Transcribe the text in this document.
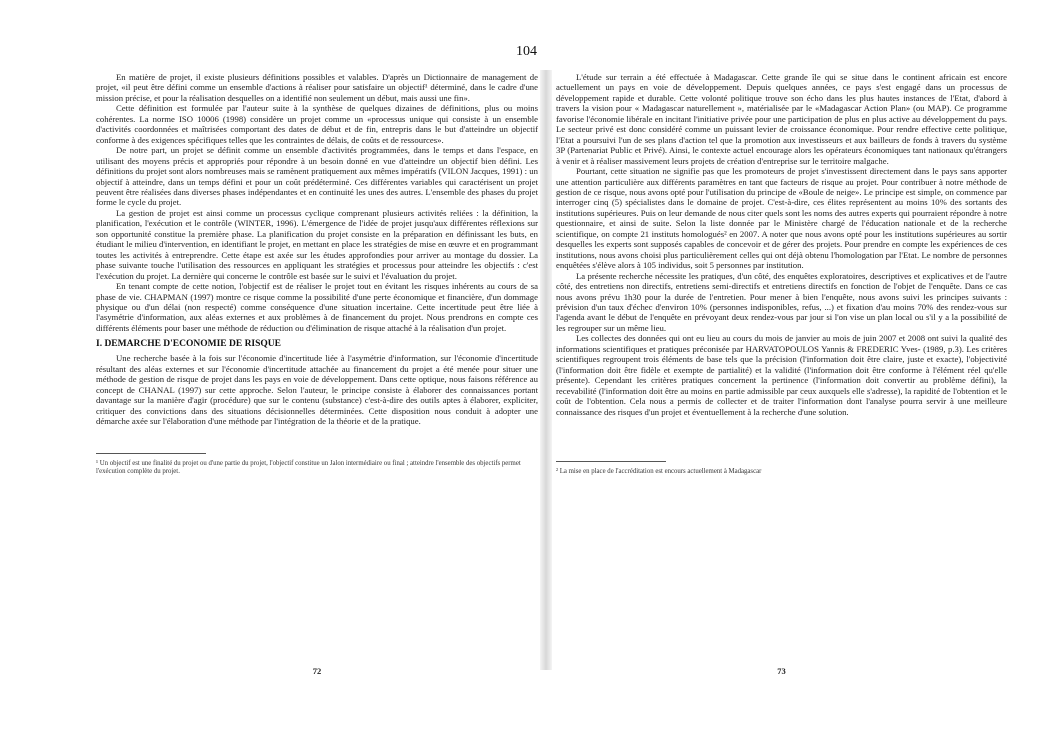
104

En matière de projet, il existe plusieurs définitions possibles et valables. D'après un Dictionnaire de management de projet, «il peut être défini comme un ensemble d'actions à réaliser pour satisfaire un objectif¹ déterminé, dans le cadre d'une mission précise, et pour la réalisation desquelles on a identifié non seulement un début, mais aussi une fin».

Cette définition est formulée par l'auteur suite à la synthèse de quelques dizaines de définitions, plus ou moins cohérentes. La norme ISO 10006 (1998) considère un projet comme un «processus unique qui consiste à un ensemble d'activités coordonnées et maîtrisées comportant des dates de début et de fin, entrepris dans le but d'atteindre un objectif conforme à des exigences spécifiques telles que les contraintes de délais, de coûts et de ressources».

De notre part, un projet se définit comme un ensemble d'activités programmées, dans le temps et dans l'espace, en utilisant des moyens précis et appropriés pour répondre à un besoin donné en vue d'atteindre un objectif bien défini. Les définitions du projet sont alors nombreuses mais se ramènent pratiquement aux mêmes impératifs (VILON Jacques, 1991) : un objectif à atteindre, dans un temps défini et pour un coût prédéterminé. Ces différentes variables qui caractérisent un projet peuvent être réalisées dans diverses phases indépendantes et en continuité les unes des autres. L'ensemble des phases du projet forme le cycle du projet.

La gestion de projet est ainsi comme un processus cyclique comprenant plusieurs activités reliées : la définition, la planification, l'exécution et le contrôle (WINTER, 1996). L'émergence de l'idée de projet jusqu'aux différentes réflexions sur son opportunité constitue la première phase. La planification du projet consiste en la préparation en définissant les buts, en étudiant le milieu d'intervention, en identifiant le projet, en mettant en place les stratégies de mise en œuvre et en programmant toutes les activités à entreprendre. Cette étape est axée sur les études approfondies pour arriver au montage du dossier. La phase suivante touche l'utilisation des ressources en appliquant les stratégies et processus pour atteindre les objectifs : c'est l'exécution du projet. La dernière qui concerne le contrôle est basée sur le suivi et l'évaluation du projet.

En tenant compte de cette notion, l'objectif est de réaliser le projet tout en évitant les risques inhérents au cours de sa phase de vie. CHAPMAN (1997) montre ce risque comme la possibilité d'une perte économique et financière, d'un dommage physique ou d'un délai (non respecté) comme conséquence d'une situation incertaine. Cette incertitude peut être liée à l'asymétrie d'information, aux aléas externes et aux problèmes à de financement du projet. Nous prendrons en compte ces différents éléments pour baser une méthode de réduction ou d'élimination de risque attaché à la réalisation d'un projet.

I. DEMARCHE D'ECONOMIE DE RISQUE

Une recherche basée à la fois sur l'économie d'incertitude liée à l'asymétrie d'information, sur l'économie d'incertitude résultant des aléas externes et sur l'économie d'incertitude attachée au financement du projet a été menée pour situer une méthode de gestion de risque de projet dans les pays en voie de développement. Dans cette optique, nous faisons référence au concept de CHANAL (1997) sur cette approche. Selon l'auteur, le principe consiste à élaborer des connaissances portant davantage sur la manière d'agir (procédure) que sur le contenu (substance) c'est-à-dire des outils aptes à élaborer, expliciter, critiquer des convictions dans des situations décisionnelles déterminées. Cette disposition nous conduit à adopter une démarche axée sur l'élaboration d'une méthode par l'intégration de la théorie et de la pratique.

¹ Un objectif est une finalité du projet ou d'une partie du projet, l'objectif constitue un Jalon intermédiaire ou final ; atteindre l'ensemble des objectifs permet l'exécution complète du projet.

72

L'étude sur terrain a été effectuée à Madagascar. Cette grande île qui se situe dans le continent africain est encore actuellement un pays en voie de développement. Depuis quelques années, ce pays s'est engagé dans un processus de développement rapide et durable. Cette volonté politique trouve son écho dans les plus hautes instances de l'Etat, d'abord à travers la vision pour « Madagascar naturellement », matérialisée par le «Madagascar Action Plan» (ou MAP). Ce programme favorise l'économie libérale en incitant l'initiative privée pour une participation de plus en plus active au développement du pays. Le secteur privé est donc considéré comme un puissant levier de croissance économique. Pour rendre effective cette politique, l'Etat a poursuivi l'un de ses plans d'action tel que la promotion aux investisseurs et aux bailleurs de fonds à travers du système 3P (Partenariat Public et Privé). Ainsi, le contexte actuel encourage alors les opérateurs économiques tant nationaux qu'étrangers à venir et à réaliser massivement leurs projets de création d'entreprise sur le territoire malgache.

Pourtant, cette situation ne signifie pas que les promoteurs de projet s'investissent directement dans le pays sans apporter une attention particulière aux différents paramètres en tant que facteurs de risque au projet. Pour contribuer à notre méthode de gestion de ce risque, nous avons opté pour l'utilisation du principe de «Boule de neige». Le principe est simple, on commence par interroger cinq (5) spécialistes dans le domaine de projet. C'est-à-dire, ces élites représentent au moins 10% des sortants des institutions supérieures. Puis on leur demande de nous citer quels sont les noms des autres experts qui pourraient répondre à notre questionnaire, et ainsi de suite. Selon la liste donnée par le Ministère chargé de l'éducation nationale et de la recherche scientifique, on compte 21 instituts homologués² en 2007. A noter que nous avons opté pour les institutions supérieures au sortir desquelles les experts sont supposés capables de concevoir et de gérer des projets. Pour prendre en compte les expériences de ces institutions, nous avons choisi plus particulièrement celles qui ont déjà obtenu l'homologation par l'Etat. Le nombre de personnes enquêtées s'élève alors à 105 individus, soit 5 personnes par institution.

La présente recherche nécessite les pratiques, d'un côté, des enquêtes exploratoires, descriptives et explicatives et de l'autre côté, des entretiens non directifs, entretiens semi-directifs et entretiens directifs en fonction de l'objet de l'enquête. Dans ce cas nous avons prévu 1h30 pour la durée de l'entretien. Pour mener à bien l'enquête, nous avons suivi les principes suivants : prévision d'un taux d'échec d'environ 10% (personnes indisponibles, refus, ...) et fixation d'au moins 70% des rendez-vous sur l'agenda avant le début de l'enquête en prévoyant deux rendez-vous par jour si l'on vise un plan local ou s'il y a la possibilité de les regrouper sur un même lieu.

Les collectes des données qui ont eu lieu au cours du mois de janvier au mois de juin 2007 et 2008 ont suivi la qualité des informations scientifiques et pratiques préconisée par HARVATOPOULOS Yannis & FREDERIC Yves- (1989, p.3). Les critères scientifiques regroupent trois éléments de base tels que la précision (l'information doit être claire, juste et exacte), l'objectivité (l'information doit être fidèle et exempte de partialité) et la validité (l'information doit être conforme à l'élément réel qu'elle présente). Cependant les critères pratiques concernent la pertinence (l'information doit convertir au problème défini), la recevabilité (l'information doit être au moins en partie admissible par ceux auxquels elle s'adresse), la rapidité de l'obtention et le coût de l'obtention. Cela nous a permis de collecter et de traiter l'information dont l'analyse pourra servir à une meilleure connaissance des risques d'un projet et éventuellement à la recherche d'une solution.

² La mise en place de l'accréditation est encours actuellement à Madagascar

73
